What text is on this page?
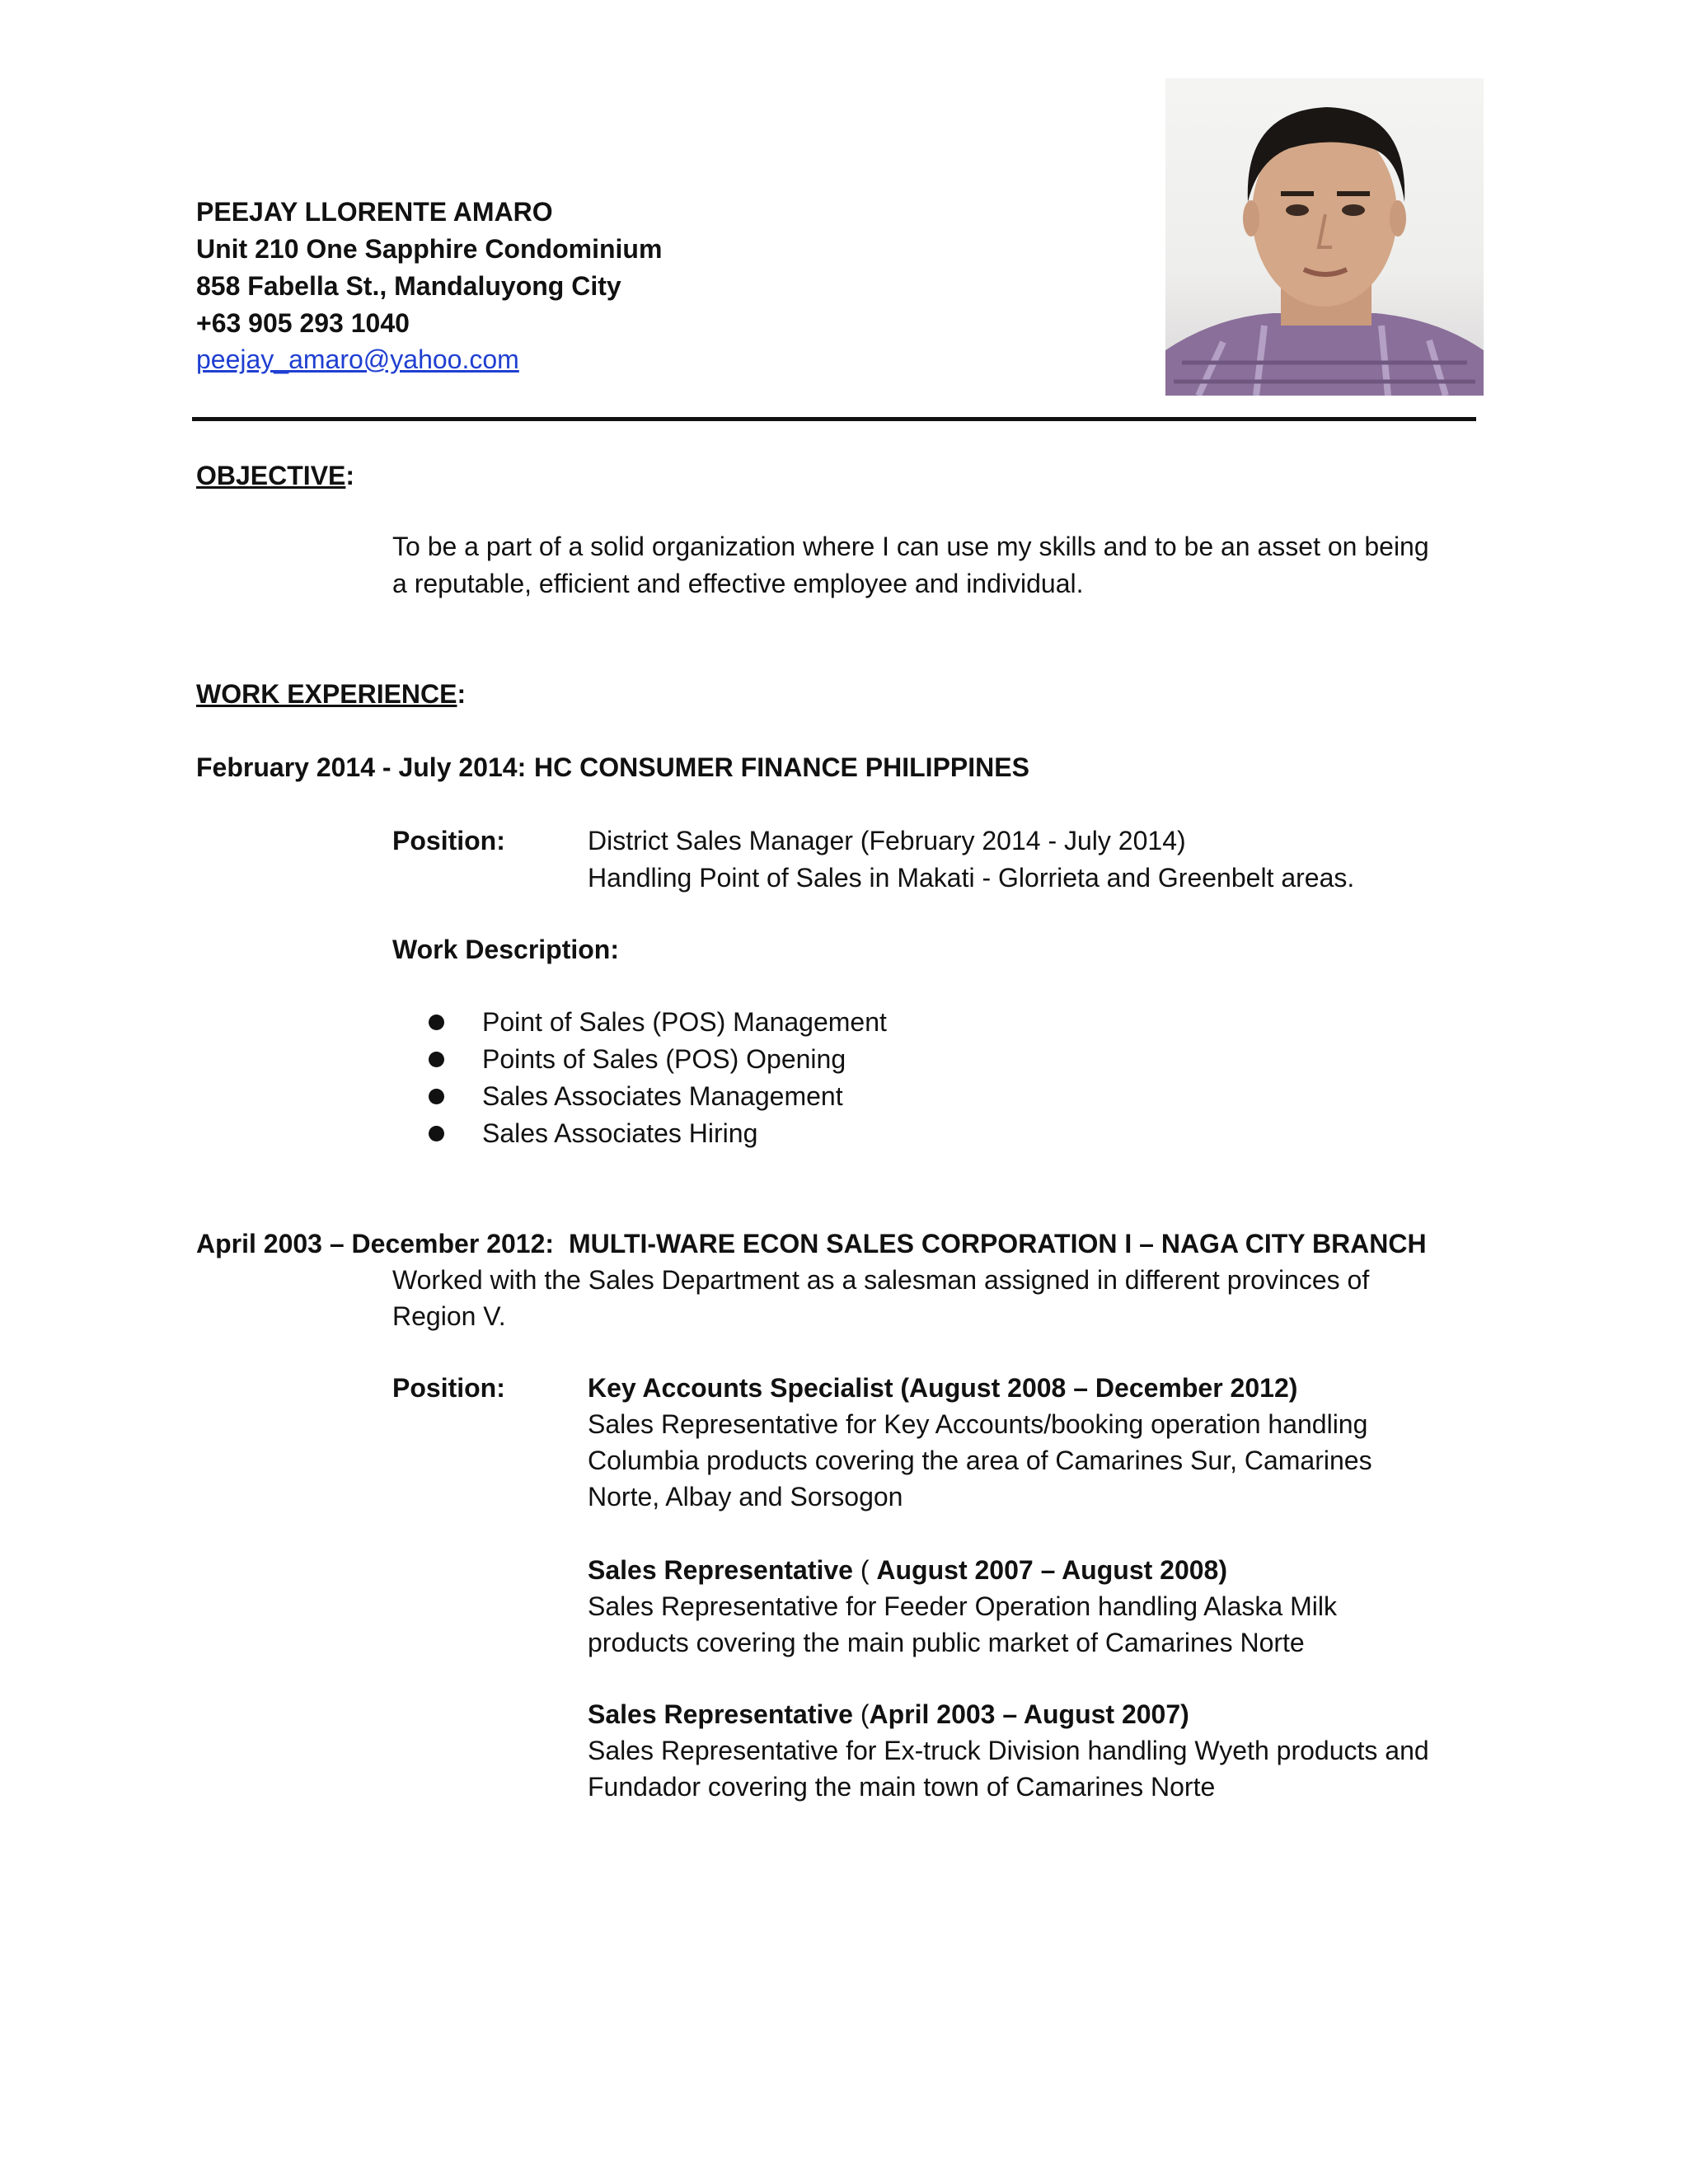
PEEJAY LLORENTE AMARO
Unit 210 One Sapphire Condominium
858 Fabella St., Mandaluyong City
+63 905 293 1040
peejay_amaro@yahoo.com
OBJECTIVE:
To be a part of a solid organization where I can use my skills and to be an asset on being
a reputable, efficient and effective employee and individual.
WORK EXPERIENCE:
February 2014 - July 2014: HC CONSUMER FINANCE PHILIPPINES
Position:	District Sales Manager (February 2014 - July 2014)
Handling Point of Sales in Makati - Glorrieta and Greenbelt areas.
Work Description:
Point of Sales (POS) Management
Points of Sales (POS) Opening
Sales Associates Management
Sales Associates Hiring
April 2003 – December 2012: MULTI-WARE ECON SALES CORPORATION I – NAGA CITY BRANCH
Worked with the Sales Department as a salesman assigned in different provinces of
Region V.
Position:	Key Accounts Specialist (August 2008 – December 2012)
Sales Representative for Key Accounts/booking operation handling
Columbia products covering the area of Camarines Sur, Camarines
Norte, Albay and Sorsogon
Sales Representative ( August 2007 – August 2008)
Sales Representative for Feeder Operation handling Alaska Milk
products covering the main public market of Camarines Norte
Sales Representative (April 2003 – August 2007)
Sales Representative for Ex-truck Division handling Wyeth products and
Fundador covering the main town of Camarines Norte
